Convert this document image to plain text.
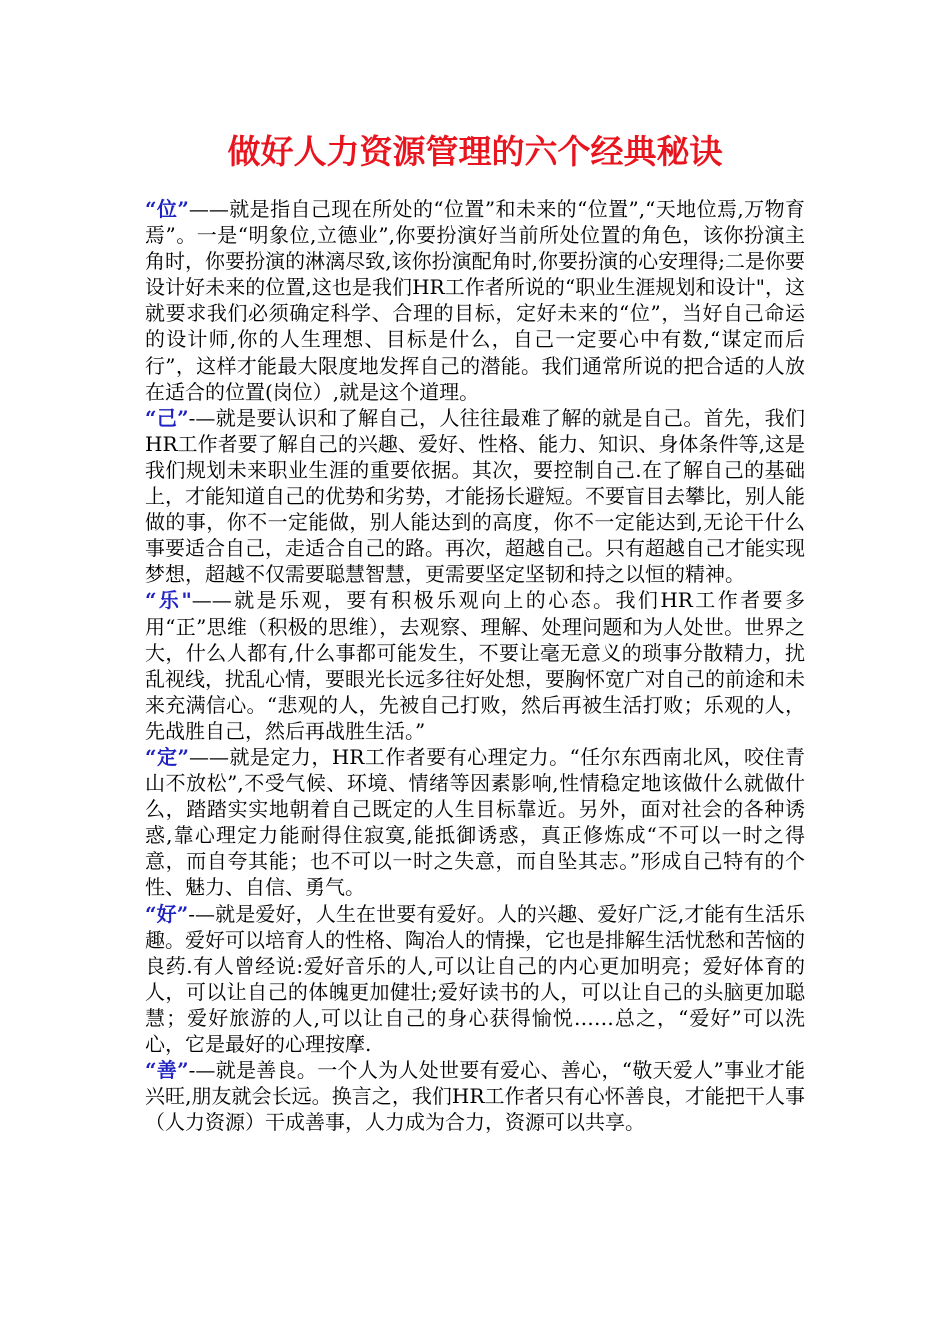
做好人力资源管理的六个经典秘诀

“位”——就是指自己现在所处的“位置”和未来的“位置”,“天地位焉,万物育焉”。一是“明象位,立德业”,你要扮演好当前所处位置的角色，该你扮演主角时，你要扮演的淋漓尽致,该你扮演配角时,你要扮演的心安理得;二是你要设计好未来的位置,这也是我们HR工作者所说的“职业生涯规划和设计"，这就要求我们必须确定科学、合理的目标，定好未来的“位”，当好自己命运的设计师,你的人生理想、目标是什么，自己一定要心中有数,“谋定而后行”，这样才能最大限度地发挥自己的潜能。我们通常所说的把合适的人放在适合的位置(岗位）,就是这个道理。

“己”-—就是要认识和了解自己，人往往最难了解的就是自己。首先，我们HR工作者要了解自己的兴趣、爱好、性格、能力、知识、身体条件等,这是我们规划未来职业生涯的重要依据。其次，要控制自己.在了解自己的基础上，才能知道自己的优势和劣势，才能扬长避短。不要盲目去攀比，别人能做的事，你不一定能做，别人能达到的高度，你不一定能达到,无论干什么事要适合自己，走适合自己的路。再次，超越自己。只有超越自己才能实现梦想，超越不仅需要聪慧智慧，更需要坚定坚韧和持之以恒的精神。

“乐"——就是乐观，要有积极乐观向上的心态。我们HR工作者要多用“正”思维（积极的思维），去观察、理解、处理问题和为人处世。世界之大，什么人都有,什么事都可能发生，不要让毫无意义的琐事分散精力，扰乱视线，扰乱心情，要眼光长远多往好处想，要胸怀宽广对自己的前途和未来充满信心。“悲观的人，先被自己打败，然后再被生活打败；乐观的人，先战胜自己，然后再战胜生活。”

“定”——就是定力，HR工作者要有心理定力。“任尔东西南北风，咬住青山不放松”,不受气候、环境、情绪等因素影响,性情稳定地该做什么就做什么，踏踏实实地朝着自己既定的人生目标靠近。另外，面对社会的各种诱惑,靠心理定力能耐得住寂寞,能抵御诱惑，真正修炼成“不可以一时之得意，而自夸其能；也不可以一时之失意，而自坠其志。”形成自己特有的个性、魅力、自信、勇气。

“好”-—就是爱好，人生在世要有爱好。人的兴趣、爱好广泛,才能有生活乐趣。爱好可以培育人的性格、陶冶人的情操，它也是排解生活忧愁和苦恼的良药.有人曾经说:爱好音乐的人,可以让自己的内心更加明亮；爱好体育的人，可以让自己的体魄更加健壮;爱好读书的人，可以让自己的头脑更加聪慧；爱好旅游的人,可以让自己的身心获得愉悦……总之，“爱好”可以洗心，它是最好的心理按摩.

“善”-—就是善良。一个人为人处世要有爱心、善心，“敬天爱人”事业才能兴旺,朋友就会长远。换言之，我们HR工作者只有心怀善良，才能把干人事（人力资源）干成善事，人力成为合力，资源可以共享。
